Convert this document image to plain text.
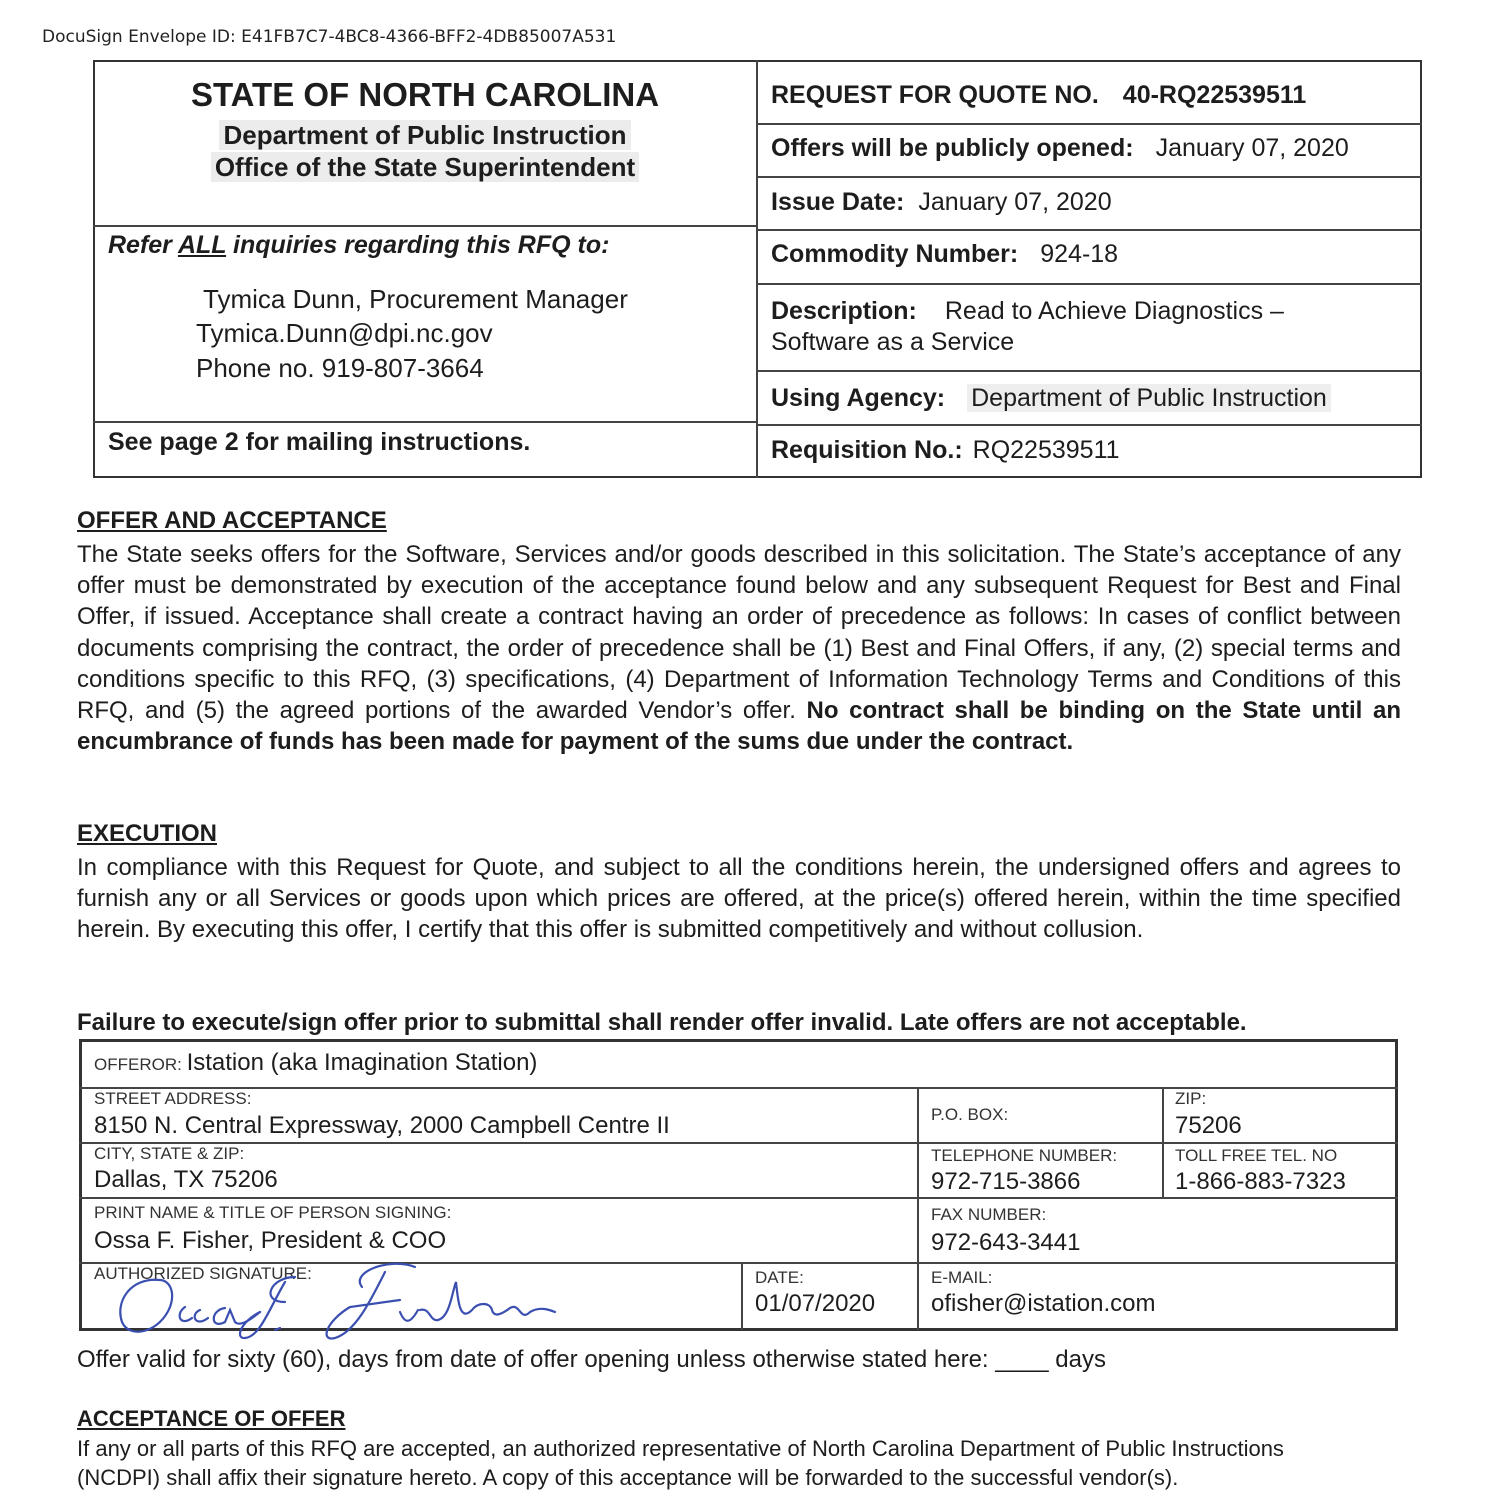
DocuSign Envelope ID: E41FB7C7-4BC8-4366-BFF2-4DB85007A531
STATE OF NORTH CAROLINA
Department of Public Instruction
Office of the State Superintendent
Refer ALL inquiries regarding this RFQ to:
Tymica Dunn, Procurement Manager
Tymica.Dunn@dpi.nc.gov
Phone no. 919-807-3664
See page 2 for mailing instructions.
REQUEST FOR QUOTE NO. 40-RQ22539511
Offers will be publicly opened: January 07, 2020
Issue Date: January 07, 2020
Commodity Number: 924-18
Description: Read to Achieve Diagnostics –
Software as a Service
Using Agency: Department of Public Instruction
Requisition No.: RQ22539511
OFFER AND ACCEPTANCE
The State seeks offers for the Software, Services and/or goods described in this solicitation. The State’s acceptance of any offer must be demonstrated by execution of the acceptance found below and any subsequent Request for Best and Final Offer, if issued. Acceptance shall create a contract having an order of precedence as follows: In cases of conflict between documents comprising the contract, the order of precedence shall be (1) Best and Final Offers, if any, (2) special terms and conditions specific to this RFQ, (3) specifications, (4) Department of Information Technology Terms and Conditions of this RFQ, and (5) the agreed portions of the awarded Vendor’s offer. No contract shall be binding on the State until an encumbrance of funds has been made for payment of the sums due under the contract.
EXECUTION
In compliance with this Request for Quote, and subject to all the conditions herein, the undersigned offers and agrees to furnish any or all Services or goods upon which prices are offered, at the price(s) offered herein, within the time specified herein. By executing this offer, I certify that this offer is submitted competitively and without collusion.
Failure to execute/sign offer prior to submittal shall render offer invalid. Late offers are not acceptable.
OFFEROR: Istation (aka Imagination Station)
STREET ADDRESS:
8150 N. Central Expressway, 2000 Campbell Centre II	P.O. BOX:
ZIP:
75206
CITY, STATE & ZIP:
Dallas, TX 75206
TELEPHONE NUMBER:
972-715-3866
TOLL FREE TEL. NO
1-866-883-7323
PRINT NAME & TITLE OF PERSON SIGNING:
Ossa F. Fisher, President & COO
FAX NUMBER:
972-643-3441
AUTHORIZED SIGNATURE:	DATE:
01/07/2020
E-MAIL:
ofisher@istation.com
Offer valid for sixty (60), days from date of offer opening unless otherwise stated here: ____ days
ACCEPTANCE OF OFFER
If any or all parts of this RFQ are accepted, an authorized representative of North Carolina Department of Public Instructions
(NCDPI) shall affix their signature hereto. A copy of this acceptance will be forwarded to the successful vendor(s).
